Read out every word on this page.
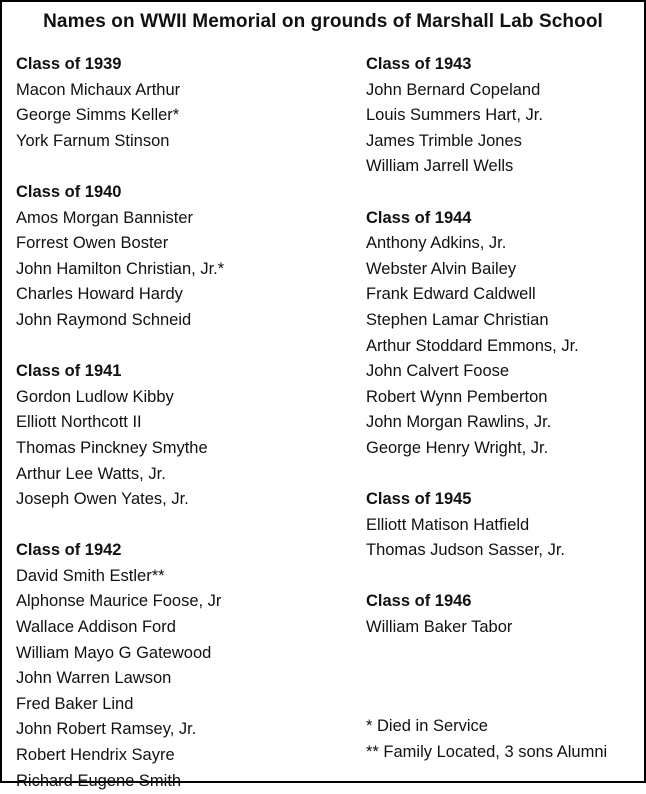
Names on WWII Memorial on grounds of Marshall Lab School
Class of 1939
Macon Michaux Arthur
George Simms Keller*
York Farnum Stinson
Class of 1940
Amos Morgan Bannister
Forrest Owen Boster
John Hamilton Christian, Jr.*
Charles Howard Hardy
John Raymond Schneid
Class of 1941
Gordon Ludlow Kibby
Elliott Northcott II
Thomas Pinckney Smythe
Arthur Lee Watts, Jr.
Joseph Owen Yates, Jr.
Class of 1942
David Smith Estler**
Alphonse Maurice Foose, Jr
Wallace Addison Ford
William Mayo G Gatewood
John Warren Lawson
Fred Baker Lind
John Robert Ramsey, Jr.
Robert Hendrix Sayre
Richard Eugene Smith
Class of 1943
John Bernard Copeland
Louis Summers Hart, Jr.
James Trimble Jones
William Jarrell Wells
Class of 1944
Anthony Adkins, Jr.
Webster Alvin Bailey
Frank Edward Caldwell
Stephen Lamar Christian
Arthur Stoddard Emmons, Jr.
John Calvert Foose
Robert Wynn Pemberton
John Morgan Rawlins, Jr.
George Henry Wright, Jr.
Class of 1945
Elliott Matison Hatfield
Thomas Judson Sasser, Jr.
Class of 1946
William Baker Tabor
* Died in Service
** Family Located, 3 sons Alumni
